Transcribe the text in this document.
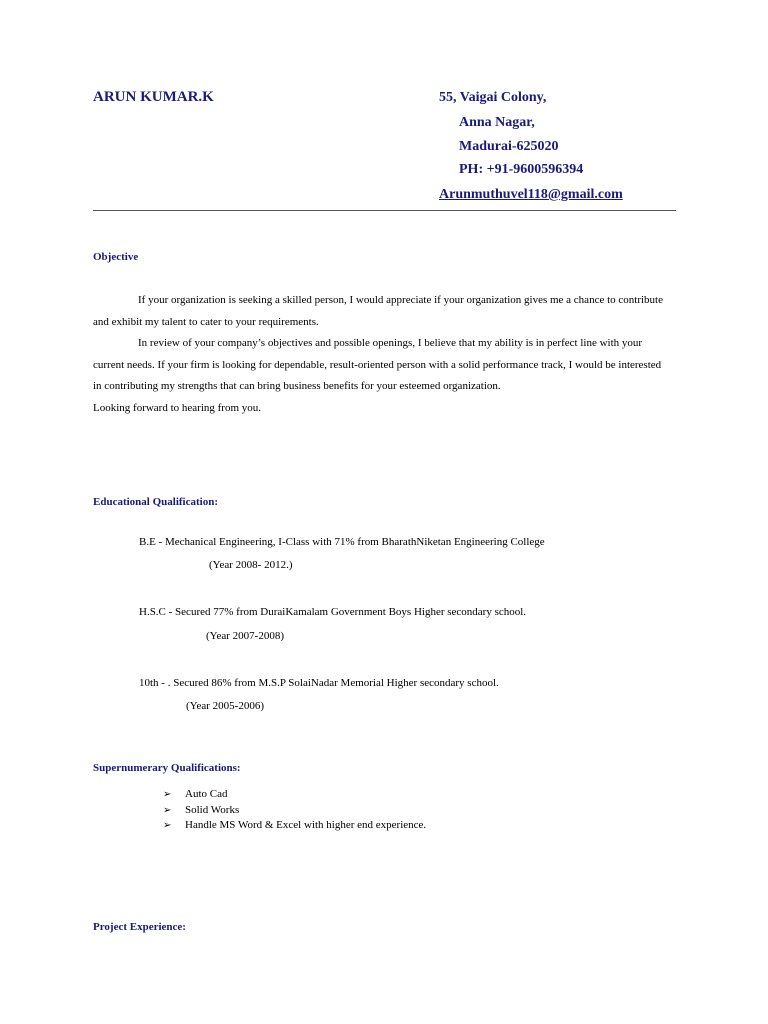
ARUN KUMAR.K	55, Vaigai Colony,
Anna Nagar,
Madurai-625020
PH: +91-9600596394
Arunmuthuvel118@gmail.com
Objective
If your organization is seeking a skilled person, I would appreciate if your organization gives me a chance to contribute and exhibit my talent to cater to your requirements.
In review of your company’s objectives and possible openings, I believe that my ability is in perfect line with your current needs. If your firm is looking for dependable, result-oriented person with a solid performance track, I would be interested in contributing my strengths that can bring business benefits for your esteemed organization.
Looking forward to hearing from you.
Educational Qualification:
B.E - Mechanical Engineering, I-Class with 71% from BharathNiketan Engineering College
(Year 2008- 2012.)
H.S.C - Secured 77% from DuraiKamalam Government Boys Higher secondary school.
(Year 2007-2008)
10th - . Secured 86% from M.S.P SolaiNadar Memorial Higher secondary school.
(Year 2005-2006)
Supernumerary Qualifications:
➢ Auto Cad
➢ Solid Works
➢ Handle MS Word & Excel with higher end experience.
Project Experience:
